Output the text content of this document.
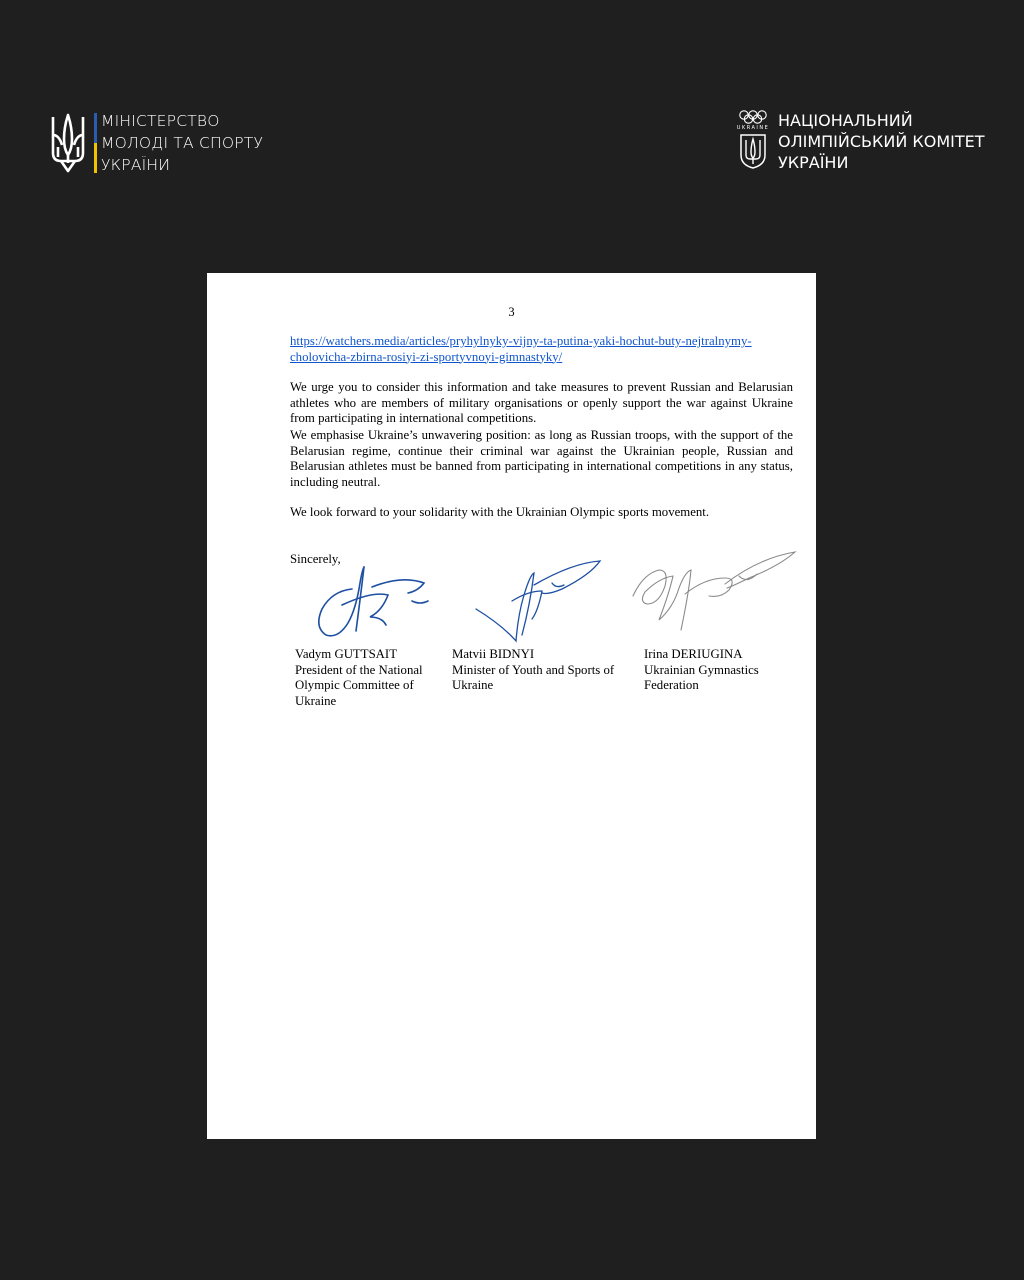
МІНІСТЕРСТВО
МОЛОДІ ТА СПОРТУ
УКРАЇНИ
UKRAINE НАЦІОНАЛЬНИЙ
ОЛІМПІЙСЬКИЙ КОМІТЕТ
УКРАЇНИ
3
https://watchers.media/articles/pryhylnyky-vijny-ta-putina-yaki-hochut-buty-nejtralnymy-
cholovicha-zbirna-rosiyi-zi-sportyvnoyi-gimnastyky/
We urge you to consider this information and take measures to prevent Russian and Belarusian athletes who are members of military organisations or openly support the war against Ukraine from participating in international competitions.
We emphasise Ukraine’s unwavering position: as long as Russian troops, with the support of the Belarusian regime, continue their criminal war against the Ukrainian people, Russian and Belarusian athletes must be banned from participating in international competitions in any status, including neutral.
We look forward to your solidarity with the Ukrainian Olympic sports movement.
Sincerely,
Vadym GUTTSAIT
President of the National
Olympic Committee of
Ukraine
Matvii BIDNYI
Minister of Youth and Sports of
Ukraine
Irina DERIUGINA
Ukrainian Gymnastics
Federation
